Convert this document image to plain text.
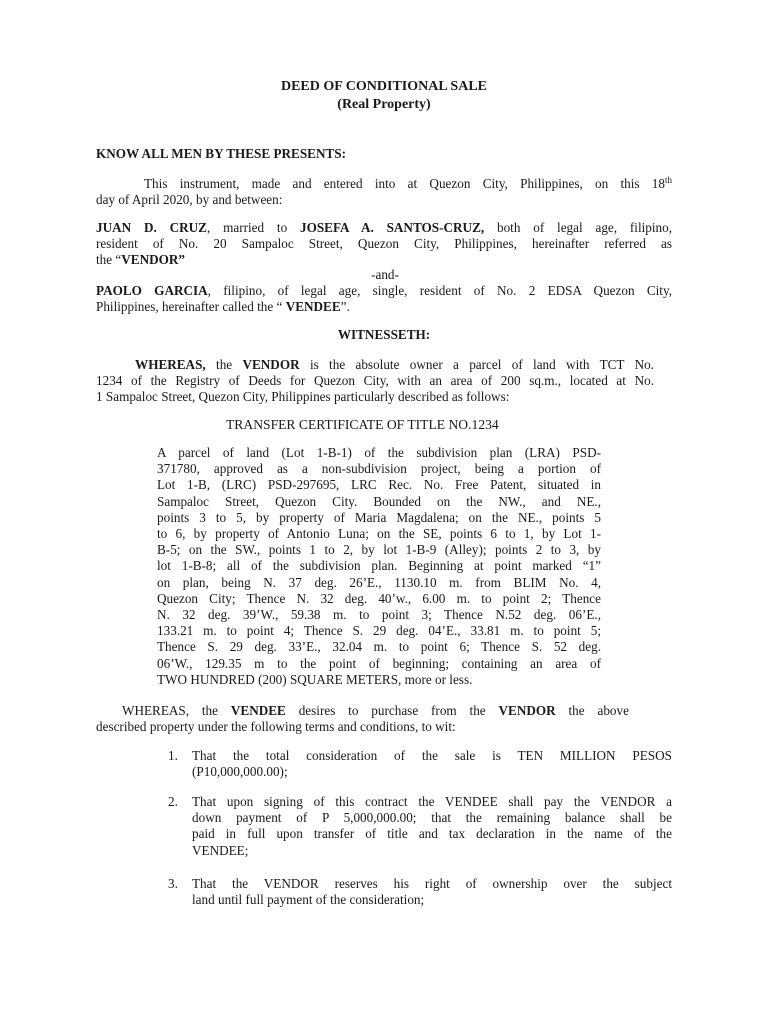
DEED OF CONDITIONAL SALE
(Real Property)
KNOW ALL MEN BY THESE PRESENTS:
This instrument, made and entered into at Quezon City, Philippines, on this 18th
day of April 2020, by and between:
JUAN D. CRUZ, married to JOSEFA A. SANTOS-CRUZ, both of legal age, filipino,
resident of No. 20 Sampaloc Street, Quezon City, Philippines, hereinafter referred as
the “VENDOR”
-and-
PAOLO GARCIA, filipino, of legal age, single, resident of No. 2 EDSA Quezon City,
Philippines, hereinafter called the “ VENDEE”.
WITNESSETH:
WHEREAS, the VENDOR is the absolute owner a parcel of land with TCT No.
1234 of the Registry of Deeds for Quezon City, with an area of 200 sq.m., located at No.
1 Sampaloc Street, Quezon City, Philippines particularly described as follows:
TRANSFER CERTIFICATE OF TITLE NO.1234
A parcel of land (Lot 1-B-1) of the subdivision plan (LRA) PSD-
371780, approved as a non-subdivision project, being a portion of
Lot 1-B, (LRC) PSD-297695, LRC Rec. No. Free Patent, situated in
Sampaloc Street, Quezon City. Bounded on the NW., and NE.,
points 3 to 5, by property of Maria Magdalena; on the NE., points 5
to 6, by property of Antonio Luna; on the SE, points 6 to 1, by Lot 1-
B-5; on the SW., points 1 to 2, by lot 1-B-9 (Alley); points 2 to 3, by
lot 1-B-8; all of the subdivision plan. Beginning at point marked “1”
on plan, being N. 37 deg. 26’E., 1130.10 m. from BLIM No. 4,
Quezon City; Thence N. 32 deg. 40’w., 6.00 m. to point 2; Thence
N. 32 deg. 39’W., 59.38 m. to point 3; Thence N.52 deg. 06’E.,
133.21 m. to point 4; Thence S. 29 deg. 04’E., 33.81 m. to point 5;
Thence S. 29 deg. 33’E., 32.04 m. to point 6; Thence S. 52 deg.
06’W., 129.35 m to the point of beginning; containing an area of
TWO HUNDRED (200) SQUARE METERS, more or less.
WHEREAS, the VENDEE desires to purchase from the VENDOR the above
described property under the following terms and conditions, to wit:
1. That the total consideration of the sale is TEN MILLION PESOS
(P10,000,000.00);
2. That upon signing of this contract the VENDEE shall pay the VENDOR a
down payment of P 5,000,000.00; that the remaining balance shall be
paid in full upon transfer of title and tax declaration in the name of the
VENDEE;
3. That the VENDOR reserves his right of ownership over the subject
land until full payment of the consideration;
